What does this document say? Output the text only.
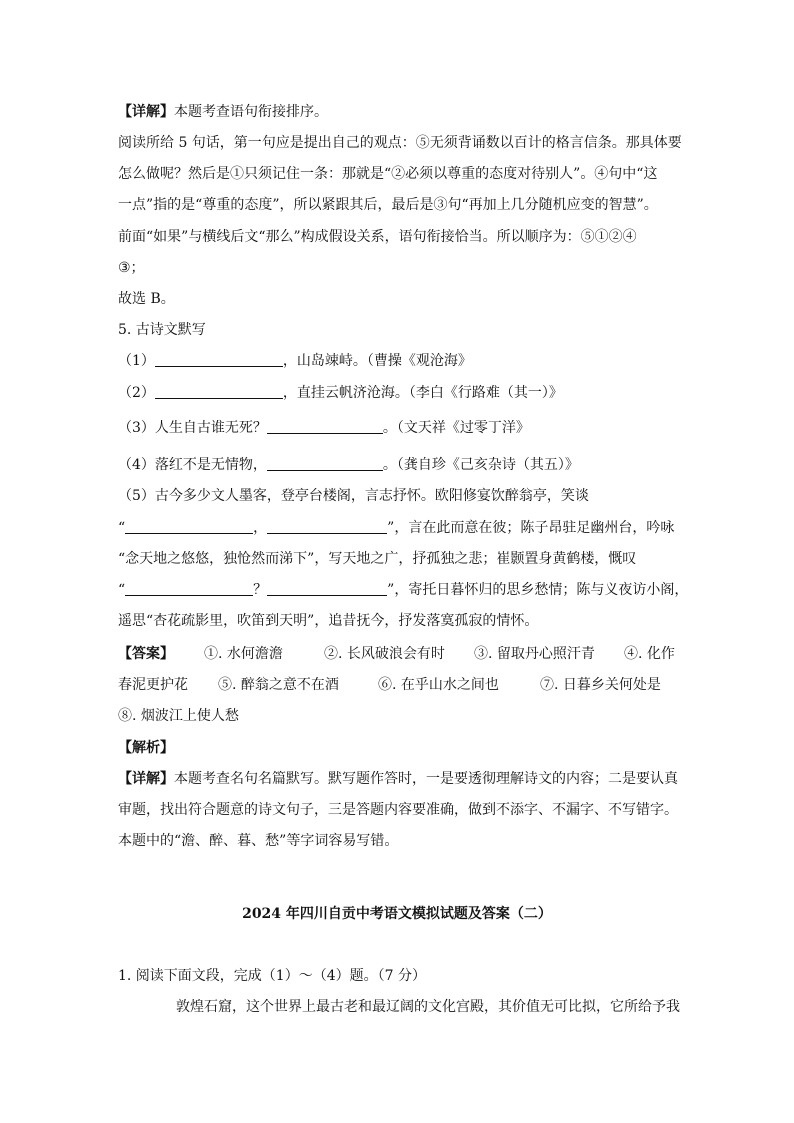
【详解】本题考查语句衔接排序。
阅读所给 5 句话，第一句应是提出自己的观点：⑤无须背诵数以百计的格言信条。那具体要
怎么做呢？然后是①只须记住一条：那就是“②必须以尊重的态度对待别人”。④句中“这
一点”指的是“尊重的态度”，所以紧跟其后，最后是③句“再加上几分随机应变的智慧”。
前面“如果”与横线后文“那么”构成假设关系，语句衔接恰当。所以顺序为：⑤①②④
③；
故选 B。
5. 古诗文默写
（1）	，山岛竦峙。（曹操《观沧海》
（2）	，直挂云帆济沧海。（李白《行路难（其一）》
（3）人生自古谁无死？	。（文天祥《过零丁洋》
（4）落红不是无情物，	。（龚自珍《己亥杂诗（其五）》
（5）古今多少文人墨客，登亭台楼阁，言志抒怀。欧阳修宴饮醉翁亭，笑谈
“	，	”，言在此而意在彼；陈子昂驻足幽州台，吟咏
“念天地之悠悠，独怆然而涕下”，写天地之广，抒孤独之悲；崔颢置身黄鹤楼，慨叹
“	？	”，寄托日暮怀归的思乡愁情；陈与义夜访小阁，
遥思“杏花疏影里，吹笛到天明”，追昔抚今，抒发落寞孤寂的情怀。
【答案】 ①. 水何澹澹	②. 长风破浪会有时 ③. 留取丹心照汗青 ④. 化作
春泥更护花 ⑤. 醉翁之意不在酒	⑥. 在乎山水之间也	⑦. 日暮乡关何处是
⑧. 烟波江上使人愁
【解析】
【详解】本题考查名句名篇默写。默写题作答时，一是要透彻理解诗文的内容；二是要认真
审题，找出符合题意的诗文句子，三是答题内容要准确，做到不添字、不漏字、不写错字。
本题中的“澹、醉、暮、愁”等字词容易写错。
2024 年四川自贡中考语文模拟试题及答案（二）
1. 阅读下面文段，完成（1）～（4）题。（7 分）
敦煌石窟，这个世界上最古老和最辽阔的文化宫殿，其价值无可比拟，它所给予我
